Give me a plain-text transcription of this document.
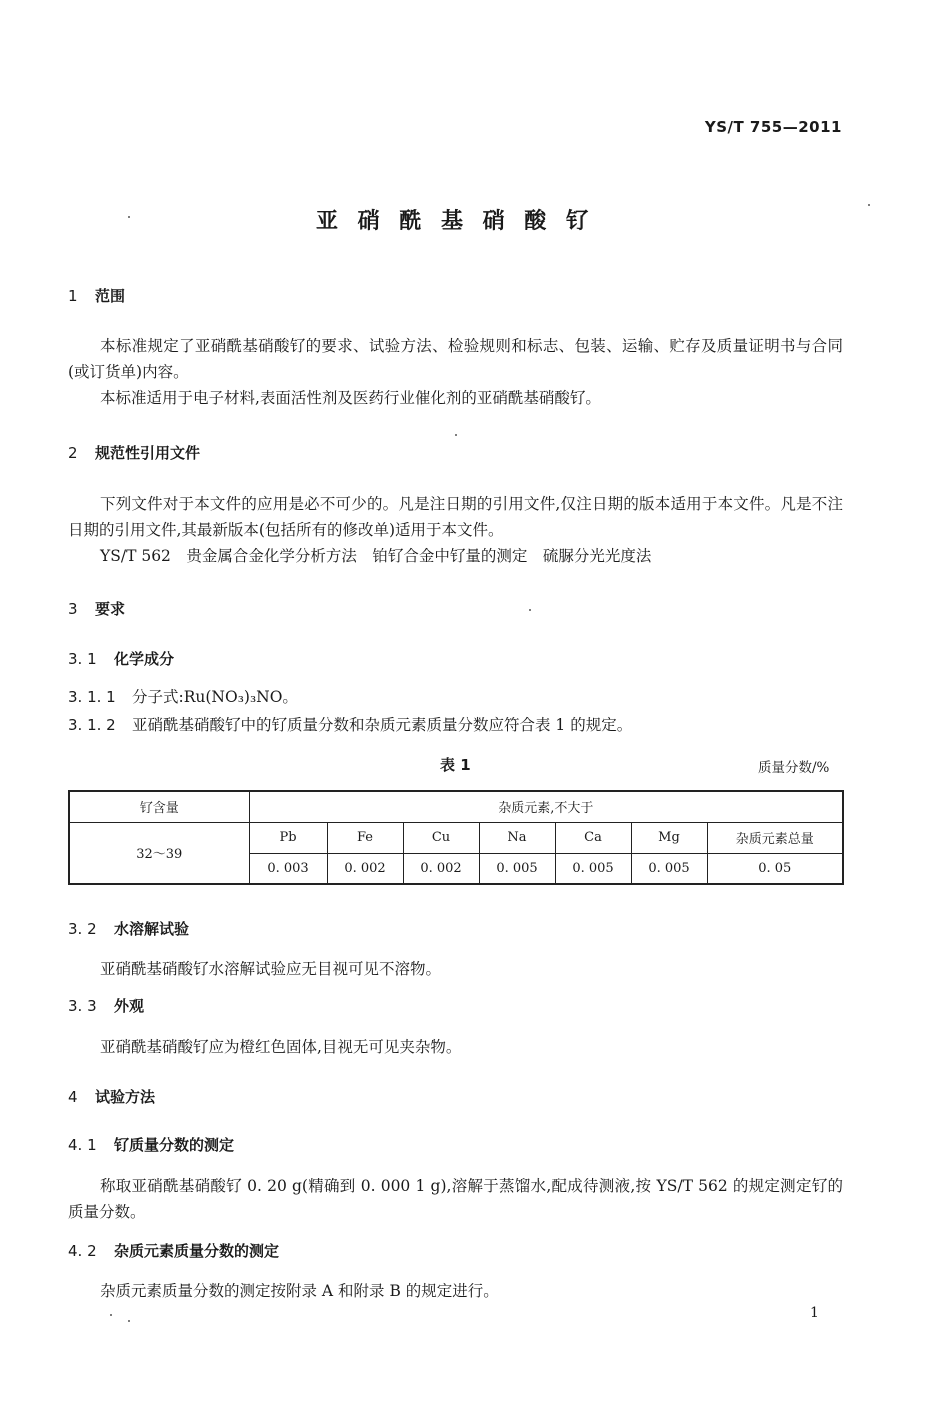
YS/T 755—2011
亚 硝 酰 基 硝 酸 钌
1 范围
本标准规定了亚硝酰基硝酸钌的要求、试验方法、检验规则和标志、包装、运输、贮存及质量证明书与合同(或订货单)内容。
本标准适用于电子材料,表面活性剂及医药行业催化剂的亚硝酰基硝酸钌。
2 规范性引用文件
下列文件对于本文件的应用是必不可少的。凡是注日期的引用文件,仅注日期的版本适用于本文件。凡是不注日期的引用文件,其最新版本(包括所有的修改单)适用于本文件。
YS/T 562　贵金属合金化学分析方法　铂钌合金中钌量的测定　硫脲分光光度法
3 要求
3. 1 化学成分
3. 1. 1 分子式:Ru(NO₃)₃NO。
3. 1. 2 亚硝酰基硝酸钌中的钌质量分数和杂质元素质量分数应符合表 1 的规定。
表 1	质量分数/%
钌含量	杂质元素,不大于						
32～39	Pb	Fe	Cu	Na	Ca	Mg	杂质元素总量
	0. 003	0. 002	0. 002	0. 005	0. 005	0. 005	0. 05
3. 2 水溶解试验
亚硝酰基硝酸钌水溶解试验应无目视可见不溶物。
3. 3 外观
亚硝酰基硝酸钌应为橙红色固体,目视无可见夹杂物。
4 试验方法
4. 1 钌质量分数的测定
称取亚硝酰基硝酸钌 0. 20 g(精确到 0. 000 1 g),溶解于蒸馏水,配成待测液,按 YS/T 562 的规定测定钌的质量分数。
4. 2 杂质元素质量分数的测定
杂质元素质量分数的测定按附录 A 和附录 B 的规定进行。
1
